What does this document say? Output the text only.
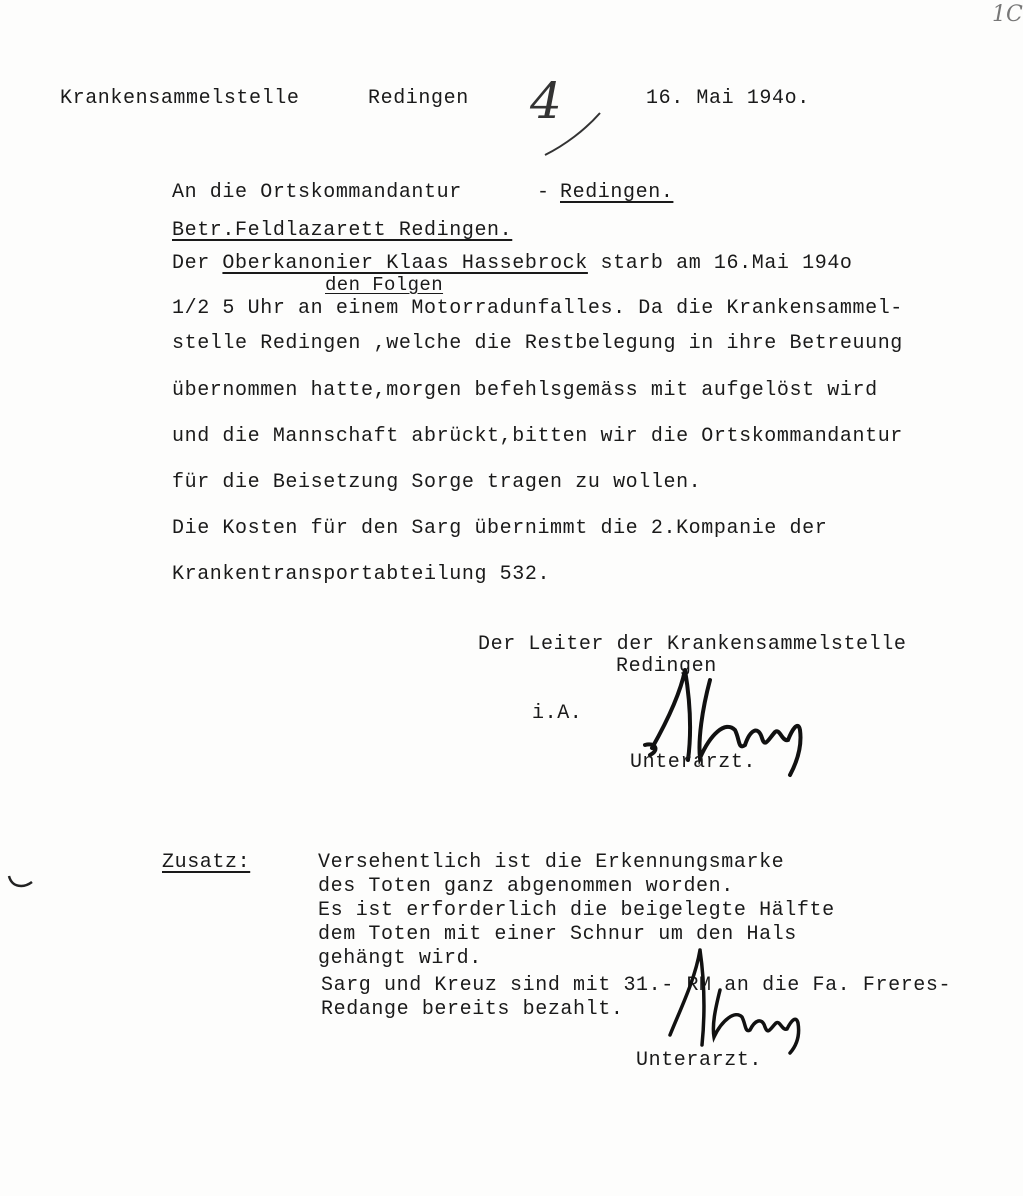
1C
Krankensammelstelle	Redingen 4	16. Mai 194o.
An die Ortskommandantur	- Redingen.
Betr.Feldlazarett Redingen.
Der Oberkanonier Klaas Hassebrock starb am 16.Mai 194o
den Folgen
1/2 5 Uhr an einem Motorradunfalles. Da die Krankensammel-
stelle Redingen ,welche die Restbelegung in ihre Betreuung
übernommen hatte,morgen befehlsgemäss mit aufgelöst wird
und die Mannschaft abrückt,bitten wir die Ortskommandantur
für die Beisetzung Sorge tragen zu wollen.
Die Kosten für den Sarg übernimmt die 2.Kompanie der
Krankentransportabteilung 532.
Der Leiter der Krankensammelstelle
Redingen
i.A.
Unterarzt.
Zusatz:	Versehentlich ist die Erkennungsmarke
des Toten ganz abgenommen worden.
Es ist erforderlich die beigelegte Hälfte
dem Toten mit einer Schnur um den Hals
gehängt wird.
Sarg und Kreuz sind mit 31.- RM an die Fa. Freres-
Redange bereits bezahlt.
Unterarzt.
